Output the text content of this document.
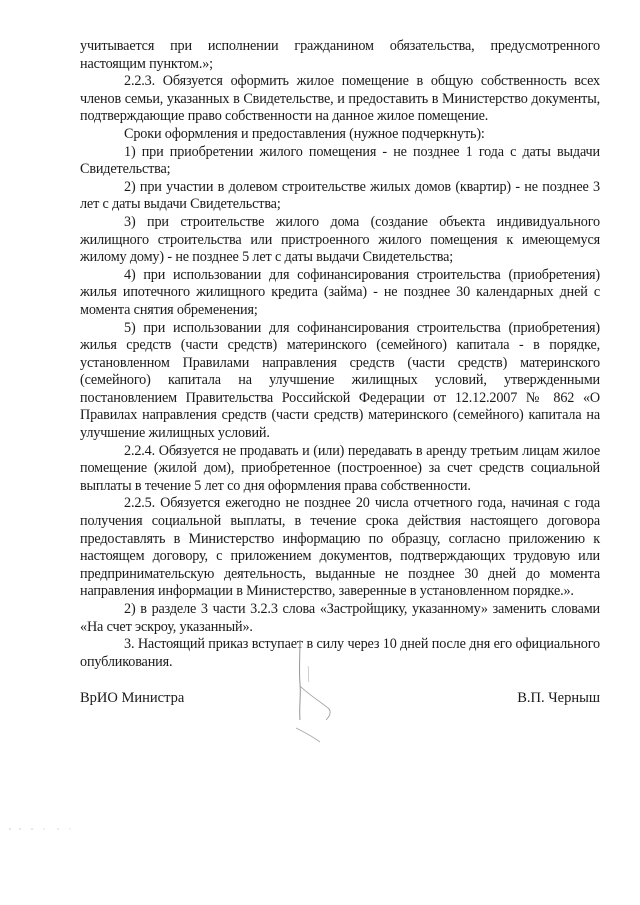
учитывается при исполнении гражданином обязательства, предусмотренного настоящим пунктом.»;

2.2.3. Обязуется оформить жилое помещение в общую собственность всех членов семьи, указанных в Свидетельстве, и предоставить в Министерство документы, подтверждающие право собственности на данное жилое помещение.

Сроки оформления и предоставления (нужное подчеркнуть):

1) при приобретении жилого помещения - не позднее 1 года с даты выдачи Свидетельства;

2) при участии в долевом строительстве жилых домов (квартир) - не позднее 3 лет с даты выдачи Свидетельства;

3) при строительстве жилого дома (создание объекта индивидуального жилищного строительства или пристроенного жилого помещения к имеющемуся жилому дому) - не позднее 5 лет с даты выдачи Свидетельства;

4) при использовании для софинансирования строительства (приобретения) жилья ипотечного жилищного кредита (займа) - не позднее 30 календарных дней с момента снятия обременения;

5) при использовании для софинансирования строительства (приобретения) жилья средств (части средств) материнского (семейного) капитала - в порядке, установленном Правилами направления средств (части средств) материнского (семейного) капитала на улучшение жилищных условий, утвержденными постановлением Правительства Российской Федерации от 12.12.2007 № 862 «О Правилах направления средств (части средств) материнского (семейного) капитала на улучшение жилищных условий.

2.2.4. Обязуется не продавать и (или) передавать в аренду третьим лицам жилое помещение (жилой дом), приобретенное (построенное) за счет средств социальной выплаты в течение 5 лет со дня оформления права собственности.

2.2.5. Обязуется ежегодно не позднее 20 числа отчетного года, начиная с года получения социальной выплаты, в течение срока действия настоящего договора предоставлять в Министерство информацию по образцу, согласно приложению к настоящем договору, с приложением документов, подтверждающих трудовую или предпринимательскую деятельность, выданные не позднее 30 дней до момента направления информации в Министерство, заверенные в установленном порядке.».

2) в разделе 3 части 3.2.3 слова «Застройщику, указанному» заменить словами «На счет эскроу, указанный».

3. Настоящий приказ вступает в силу через 10 дней после дня его официального опубликования.

ВрИО Министра	В.П. Черныш
